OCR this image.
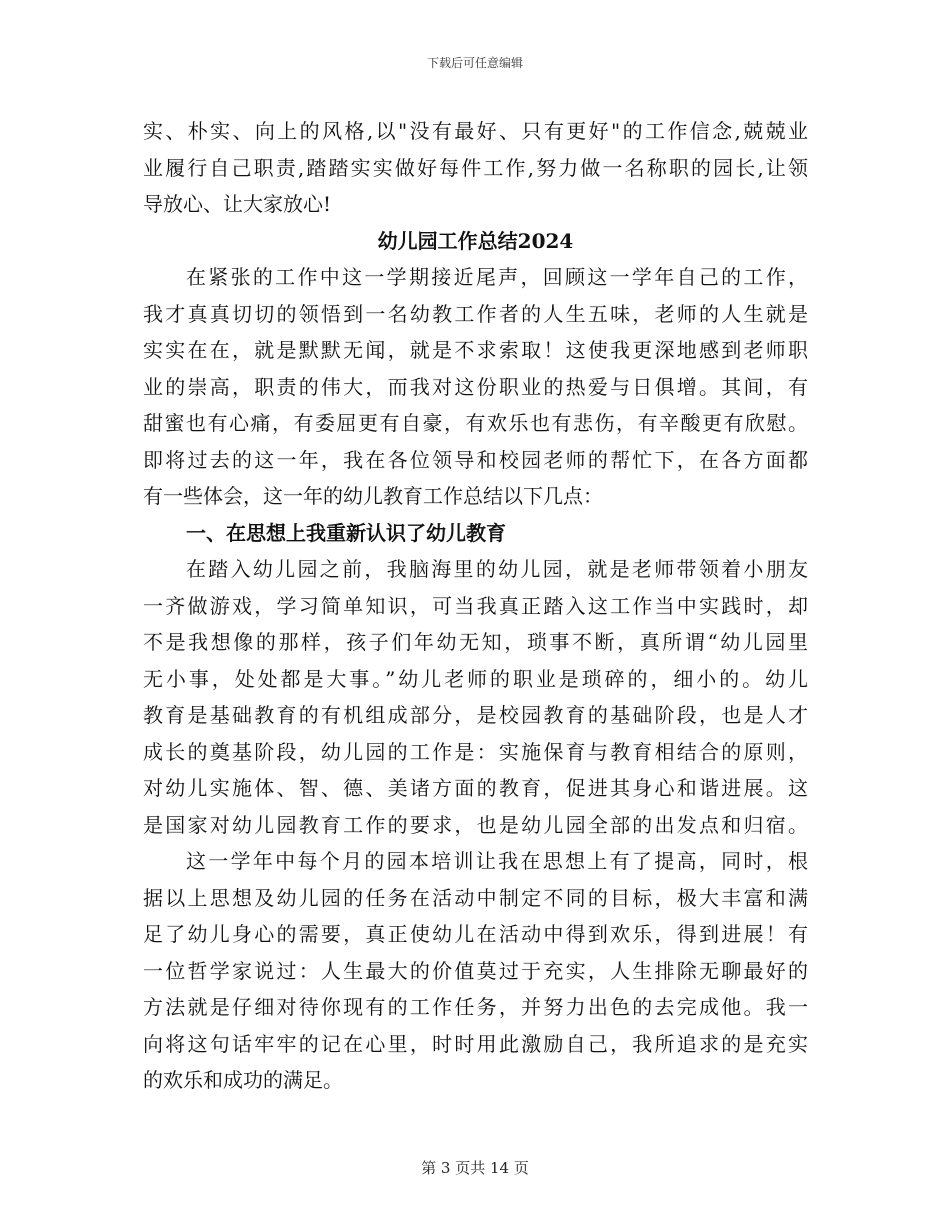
下载后可任意编辑
实、朴实、向上的风格,以"没有最好、只有更好"的工作信念,兢兢业
业履行自己职责,踏踏实实做好每件工作,努力做一名称职的园长,让领
导放心、让大家放心!
幼儿园工作总结2024
在紧张的工作中这一学期接近尾声，回顾这一学年自己的工作，
我才真真切切的领悟到一名幼教工作者的人生五味，老师的人生就是
实实在在，就是默默无闻，就是不求索取！这使我更深地感到老师职
业的崇高，职责的伟大，而我对这份职业的热爱与日俱增。其间，有
甜蜜也有心痛，有委屈更有自豪，有欢乐也有悲伤，有辛酸更有欣慰。
即将过去的这一年，我在各位领导和校园老师的帮忙下，在各方面都
有一些体会，这一年的幼儿教育工作总结以下几点：
一、在思想上我重新认识了幼儿教育
在踏入幼儿园之前，我脑海里的幼儿园，就是老师带领着小朋友
一齐做游戏，学习简单知识，可当我真正踏入这工作当中实践时，却
不是我想像的那样，孩子们年幼无知，琐事不断，真所谓“幼儿园里
无小事，处处都是大事。”幼儿老师的职业是琐碎的，细小的。幼儿
教育是基础教育的有机组成部分，是校园教育的基础阶段，也是人才
成长的奠基阶段，幼儿园的工作是：实施保育与教育相结合的原则，
对幼儿实施体、智、德、美诸方面的教育，促进其身心和谐进展。这
是国家对幼儿园教育工作的要求，也是幼儿园全部的出发点和归宿。
这一学年中每个月的园本培训让我在思想上有了提高，同时，根
据以上思想及幼儿园的任务在活动中制定不同的目标，极大丰富和满
足了幼儿身心的需要，真正使幼儿在活动中得到欢乐，得到进展！有
一位哲学家说过：人生最大的价值莫过于充实，人生排除无聊最好的
方法就是仔细对待你现有的工作任务，并努力出色的去完成他。我一
向将这句话牢牢的记在心里，时时用此激励自己，我所追求的是充实
的欢乐和成功的满足。
第 3 页共 14 页
